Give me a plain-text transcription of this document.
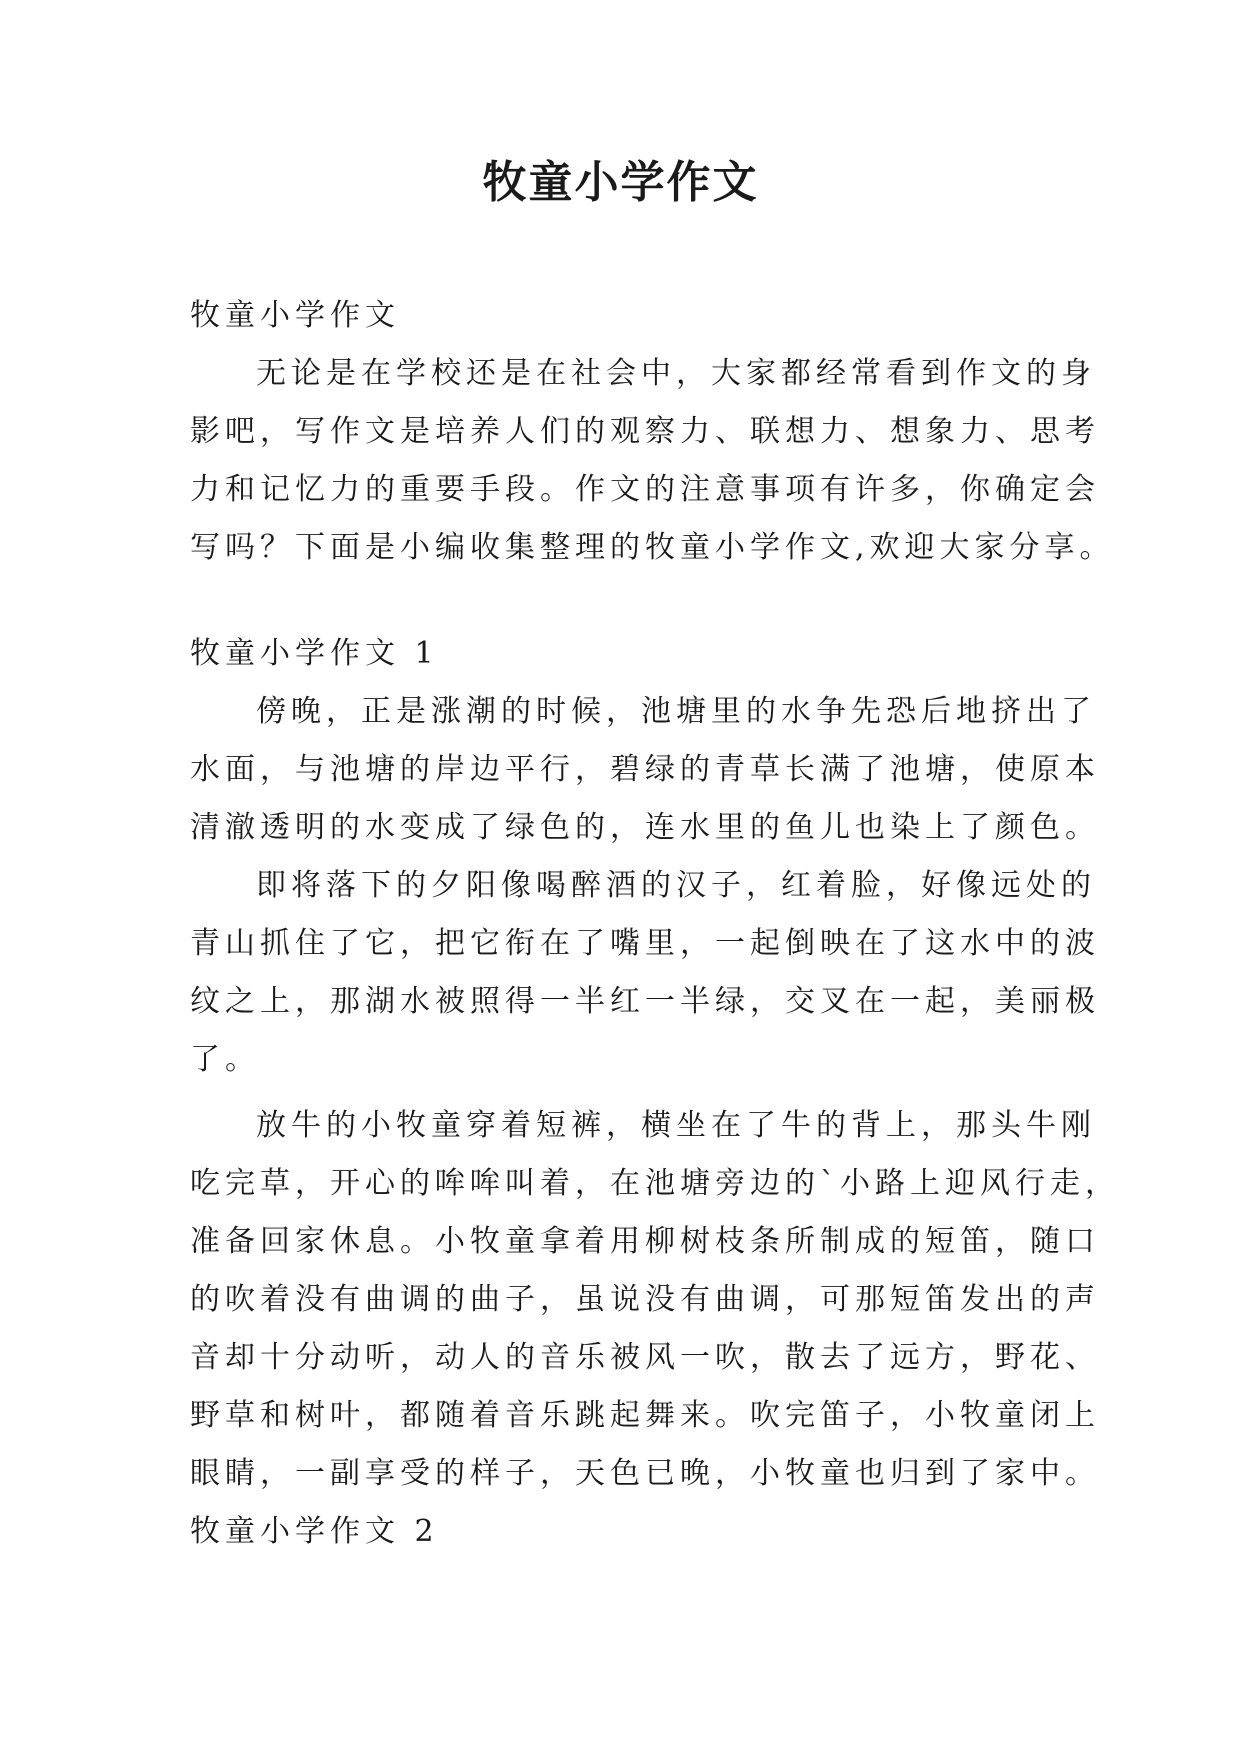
牧童小学作文
牧童小学作文
无论是在学校还是在社会中，大家都经常看到作文的身
影吧，写作文是培养人们的观察力、联想力、想象力、思考
力和记忆力的重要手段。作文的注意事项有许多，你确定会
写吗？下面是小编收集整理的牧童小学作文,欢迎大家分享。
牧童小学作文 1
傍晚，正是涨潮的时候，池塘里的水争先恐后地挤出了
水面，与池塘的岸边平行，碧绿的青草长满了池塘，使原本
清澈透明的水变成了绿色的，连水里的鱼儿也染上了颜色。
即将落下的夕阳像喝醉酒的汉子，红着脸，好像远处的
青山抓住了它，把它衔在了嘴里，一起倒映在了这水中的波
纹之上，那湖水被照得一半红一半绿，交叉在一起，美丽极
了。
放牛的小牧童穿着短裤，横坐在了牛的背上，那头牛刚
吃完草，开心的哞哞叫着，在池塘旁边的`小路上迎风行走，
准备回家休息。小牧童拿着用柳树枝条所制成的短笛，随口
的吹着没有曲调的曲子，虽说没有曲调，可那短笛发出的声
音却十分动听，动人的音乐被风一吹，散去了远方，野花、
野草和树叶，都随着音乐跳起舞来。吹完笛子，小牧童闭上
眼睛，一副享受的样子，天色已晚，小牧童也归到了家中。
牧童小学作文 2
